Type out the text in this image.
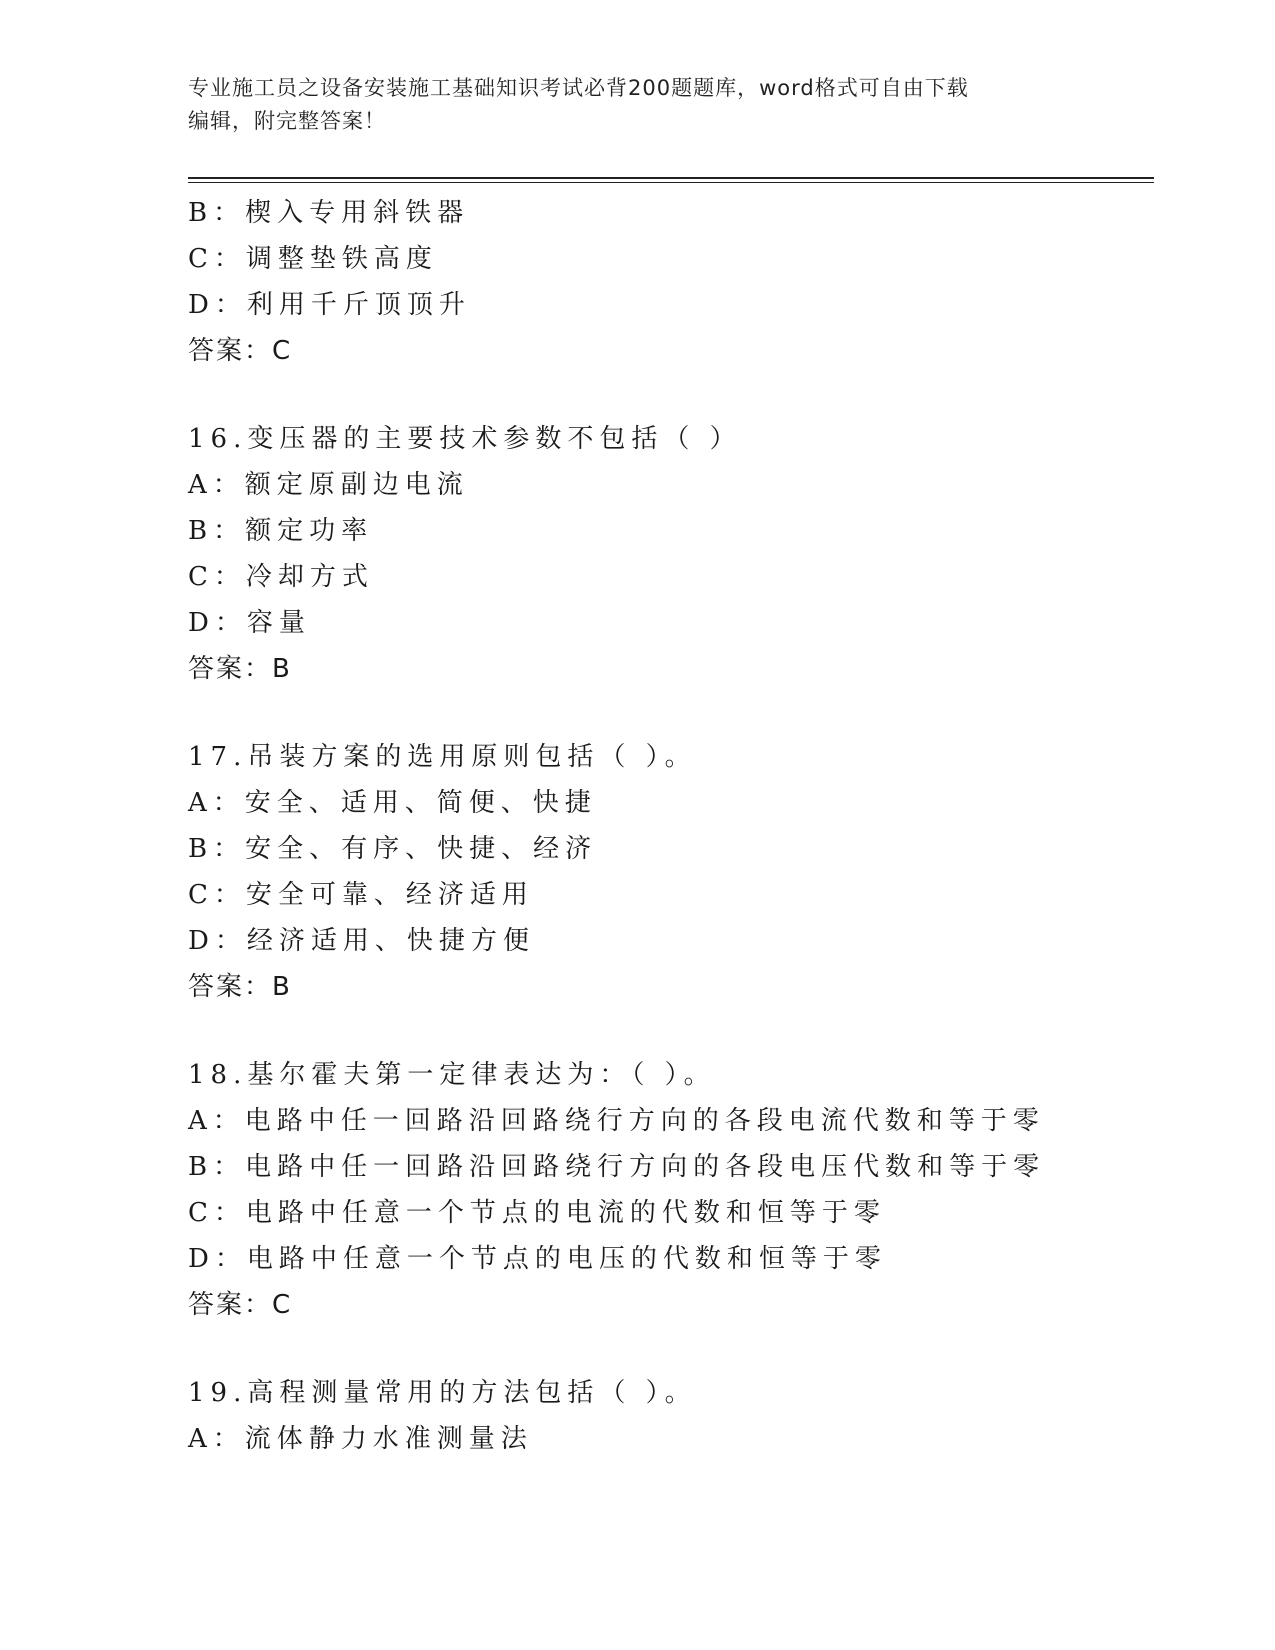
专业施工员之设备安装施工基础知识考试必背200题题库，word格式可自由下载
编辑，附完整答案！
B：楔入专用斜铁器
C：调整垫铁高度
D：利用千斤顶顶升
答案：C
16.变压器的主要技术参数不包括（ ）
A：额定原副边电流
B：额定功率
C：冷却方式
D：容量
答案：B
17.吊装方案的选用原则包括（ ）。
A：安全、适用、简便、快捷
B：安全、有序、快捷、经济
C：安全可靠、经济适用
D：经济适用、快捷方便
答案：B
18.基尔霍夫第一定律表达为：（ ）。
A：电路中任一回路沿回路绕行方向的各段电流代数和等于零
B：电路中任一回路沿回路绕行方向的各段电压代数和等于零
C：电路中任意一个节点的电流的代数和恒等于零
D：电路中任意一个节点的电压的代数和恒等于零
答案：C
19.高程测量常用的方法包括（ ）。
A：流体静力水准测量法
